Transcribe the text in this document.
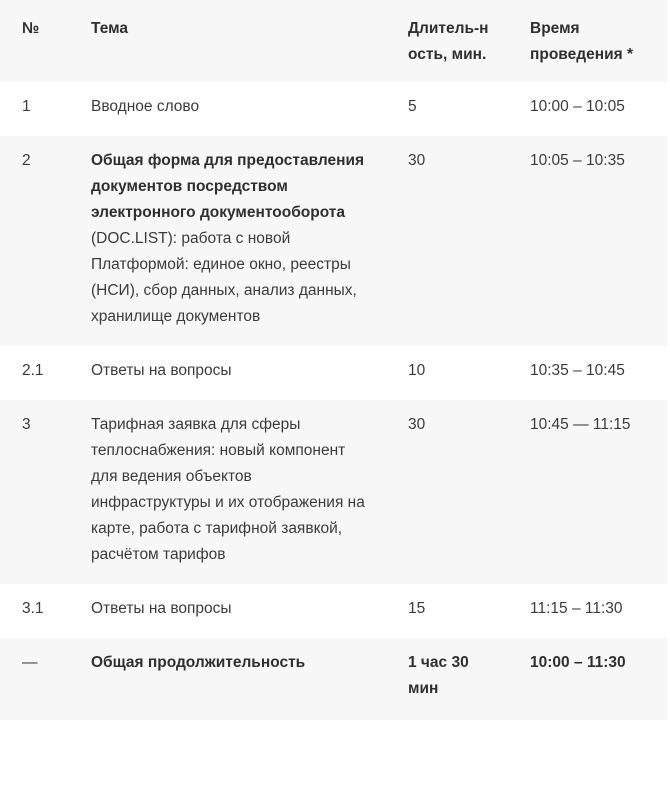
№	Тема	Длитель-ность, мин.	Время проведения *

1	Вводное слово	5	10:00 – 10:05
2	Общая форма для предоставления документов посредством электронного документооборота (DOC.LIST): работа с новой Платформой: единое окно, реестры (НСИ), сбор данных, анализ данных, хранилище документов	30	10:05 – 10:35
2.1	Ответы на вопросы	10	10:35 – 10:45
3	Тарифная заявка для сферы теплоснабжения: новый компонент для ведения объектов инфраструктуры и их отображения на карте, работа с тарифной заявкой, расчётом тарифов	30	10:45 — 11:15
3.1	Ответы на вопросы	15	11:15 – 11:30
—	Общая продолжительность	1 час 30 мин	10:00 – 11:30
